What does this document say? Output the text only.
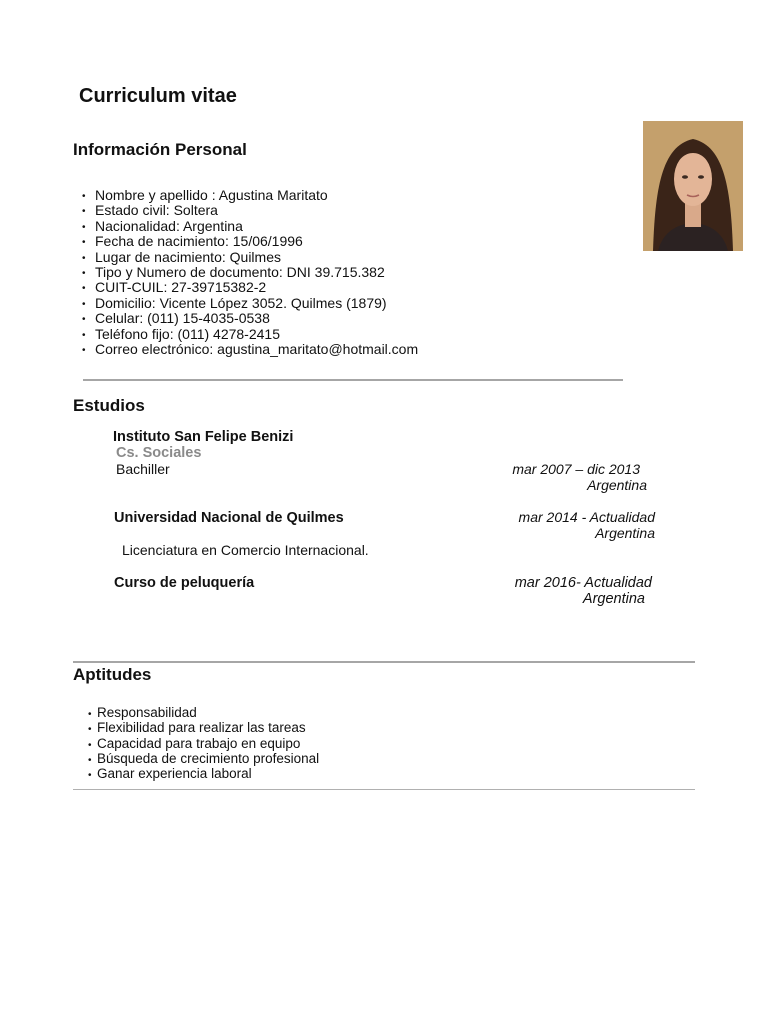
Curriculum vitae
Información Personal
• Nombre y apellido : Agustina Maritato
• Estado civil: Soltera
• Nacionalidad: Argentina
• Fecha de nacimiento: 15/06/1996
• Lugar de nacimiento: Quilmes
• Tipo y Numero de documento: DNI 39.715.382
• CUIT-CUIL: 27-39715382-2
• Domicilio: Vicente López 3052. Quilmes (1879)
• Celular: (011) 15-4035-0538
• Teléfono fijo: (011) 4278-2415
• Correo electrónico: agustina_maritato@hotmail.com
Estudios
Instituto San Felipe Benizi
Cs. Sociales
Bachiller	mar 2007 – dic 2013
Argentina
Universidad Nacional de Quilmes	mar 2014 - Actualidad
Argentina
Licenciatura en Comercio Internacional.
Curso de peluquería	mar 2016- Actualidad
Argentina
Aptitudes
• Responsabilidad
• Flexibilidad para realizar las tareas
• Capacidad para trabajo en equipo
• Búsqueda de crecimiento profesional
• Ganar experiencia laboral
